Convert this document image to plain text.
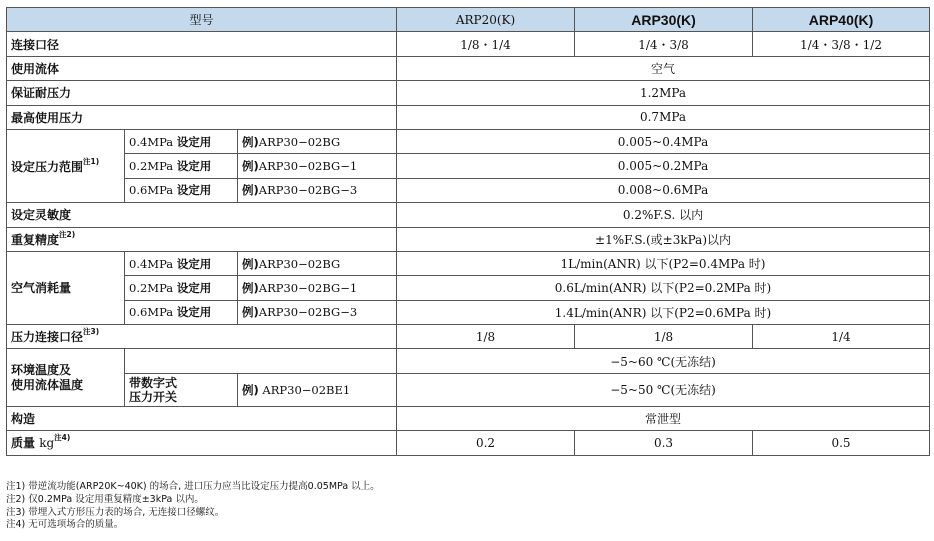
型号			ARP20(K)	ARP30(K)	ARP40(K)
连接口径			1/8・1/4	1/4・3/8	1/4・3/8・1/2
使用流体			空气		
保证耐压力			1.2MPa		
最高使用压力			0.7MPa		
设定压力范围$^{注1)}$	0.4MPa 设定用	例)ARP30−02BG	0.005~0.4MPa		
	0.2MPa 设定用	例)ARP30−02BG−1	0.005~0.2MPa		
	0.6MPa 设定用	例)ARP30−02BG−3	0.008~0.6MPa		
设定灵敏度			0.2%F.S. 以内		
重复精度$^{注2)}$			±1%F.S.(或±3kPa)以内		
空气消耗量	0.4MPa 设定用	例)ARP30−02BG	1L/min(ANR) 以下(P2=0.4MPa 时)		
	0.2MPa 设定用	例)ARP30−02BG−1	0.6L/min(ANR) 以下(P2=0.2MPa 时)		
	0.6MPa 设定用	例)ARP30−02BG−3	1.4L/min(ANR) 以下(P2=0.6MPa 时)		
压力连接口径$^{注3)}$			1/8	1/8	1/4

环境温度及
使用流体温度			−5~60 ℃(无冻结)		

	带数字式
压力开关	例) ARP30−02BE1	−5~50 ℃(无冻结)		
构造			常泄型		
质量 $kg^{注4)}$			0.2	0.3	0.5
注1) 带逆流功能(ARP20K~40K) 的场合, 进口压力应当比设定压力提高0.05MPa 以上。
注2) 仅0.2MPa 设定用重复精度±3kPa 以内。
注3) 带埋入式方形压力表的场合, 无连接口径螺纹。
注4) 无可选项场合的质量。
